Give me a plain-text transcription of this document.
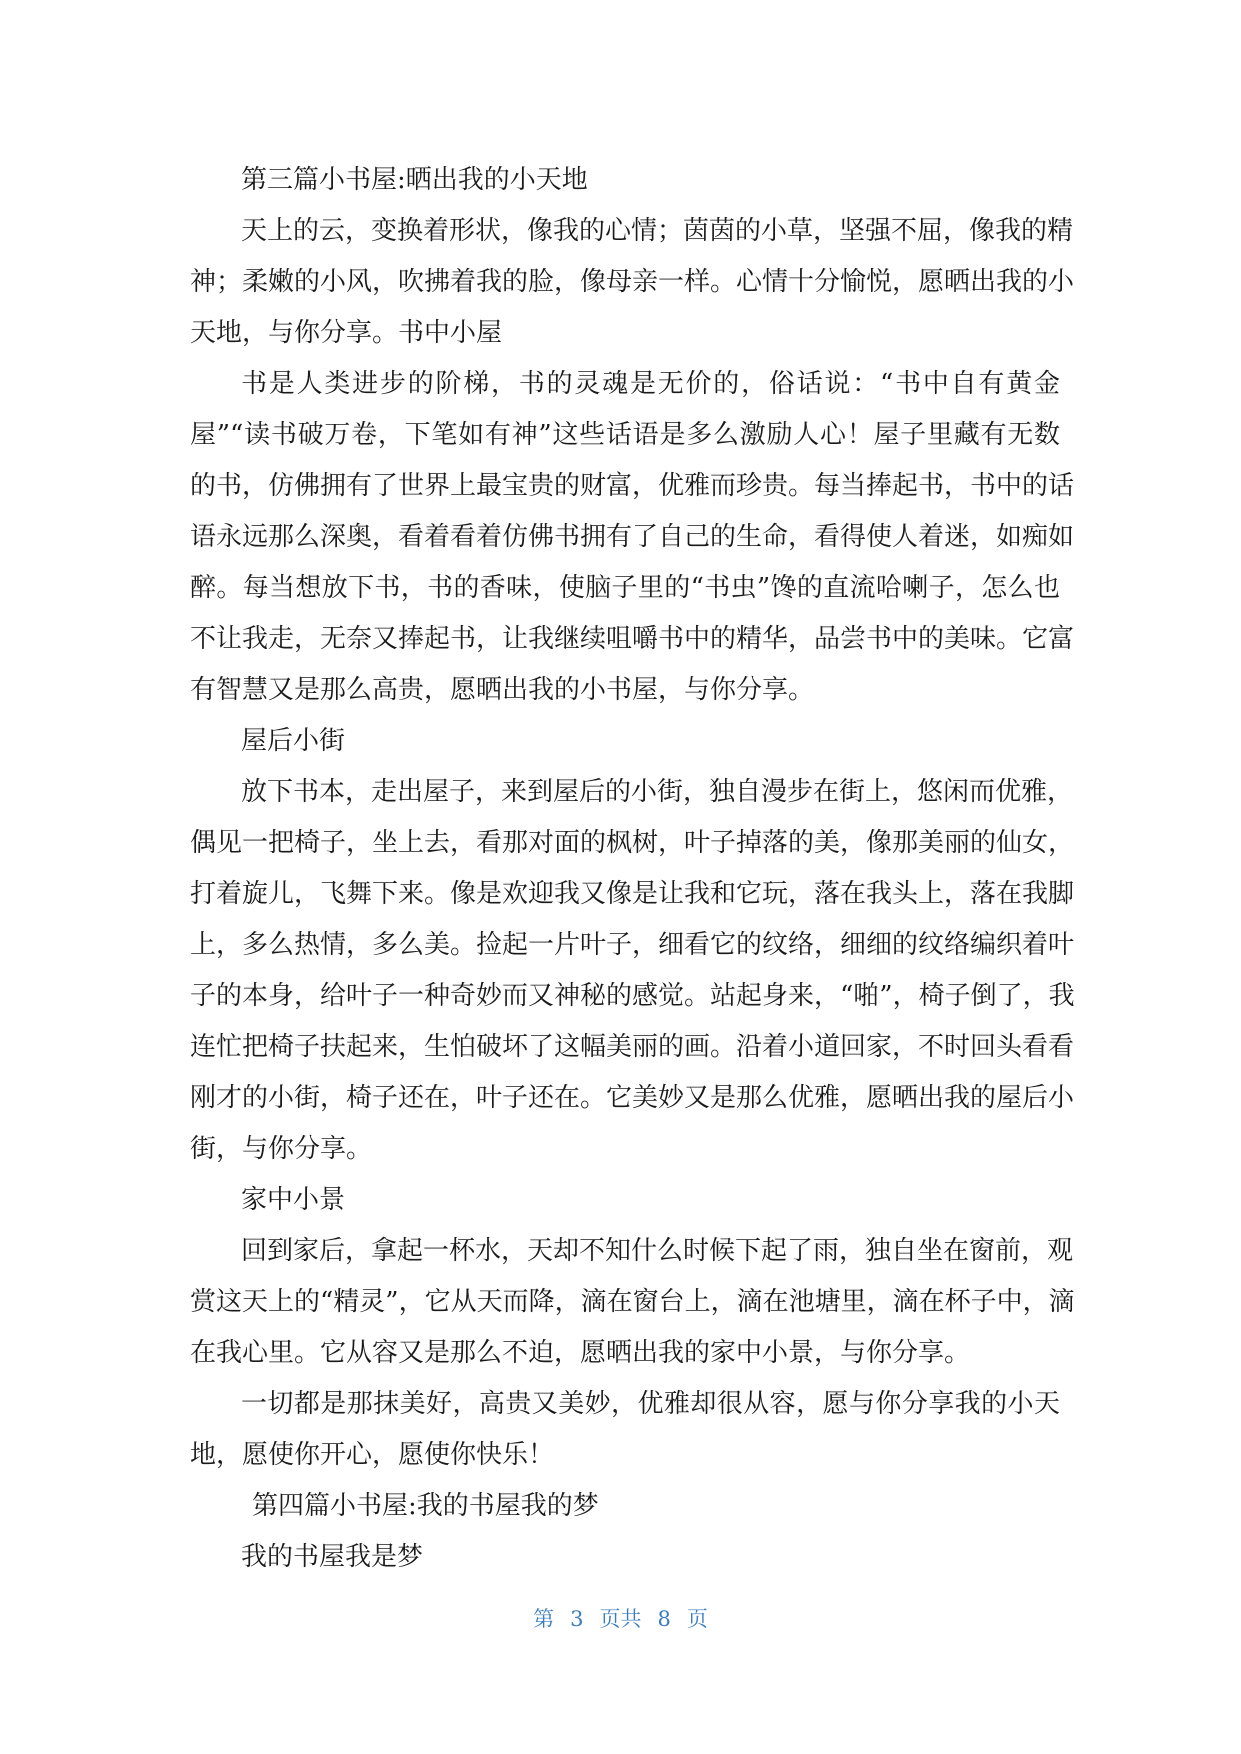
第三篇小书屋:晒出我的小天地

天上的云，变换着形状，像我的心情；茵茵的小草，坚强不屈，像我的精

神；柔嫩的小风，吹拂着我的脸，像母亲一样。心情十分愉悦，愿晒出我的小

天地，与你分享。书中小屋

书是人类进步的阶梯，书的灵魂是无价的，俗话说：“书中自有黄金

屋”“读书破万卷，下笔如有神”这些话语是多么激励人心！屋子里藏有无数

的书，仿佛拥有了世界上最宝贵的财富，优雅而珍贵。每当捧起书，书中的话

语永远那么深奥，看着看着仿佛书拥有了自己的生命，看得使人着迷，如痴如

醉。每当想放下书，书的香味，使脑子里的“书虫”馋的直流哈喇子，怎么也

不让我走，无奈又捧起书，让我继续咀嚼书中的精华，品尝书中的美味。它富

有智慧又是那么高贵，愿晒出我的小书屋，与你分享。

屋后小街

放下书本，走出屋子，来到屋后的小街，独自漫步在街上，悠闲而优雅，

偶见一把椅子，坐上去，看那对面的枫树，叶子掉落的美，像那美丽的仙女，

打着旋儿，飞舞下来。像是欢迎我又像是让我和它玩，落在我头上，落在我脚

上，多么热情，多么美。捡起一片叶子，细看它的纹络，细细的纹络编织着叶

子的本身，给叶子一种奇妙而又神秘的感觉。站起身来，“啪”，椅子倒了，我

连忙把椅子扶起来，生怕破坏了这幅美丽的画。沿着小道回家，不时回头看看

刚才的小街，椅子还在，叶子还在。它美妙又是那么优雅，愿晒出我的屋后小

街，与你分享。

家中小景

回到家后，拿起一杯水，天却不知什么时候下起了雨，独自坐在窗前，观

赏这天上的“精灵”，它从天而降，滴在窗台上，滴在池塘里，滴在杯子中，滴

在我心里。它从容又是那么不迫，愿晒出我的家中小景，与你分享。

一切都是那抹美好，高贵又美妙，优雅却很从容，愿与你分享我的小天

地，愿使你开心，愿使你快乐！

第四篇小书屋:我的书屋我的梦

我的书屋我是梦

第 3 页共 8 页
